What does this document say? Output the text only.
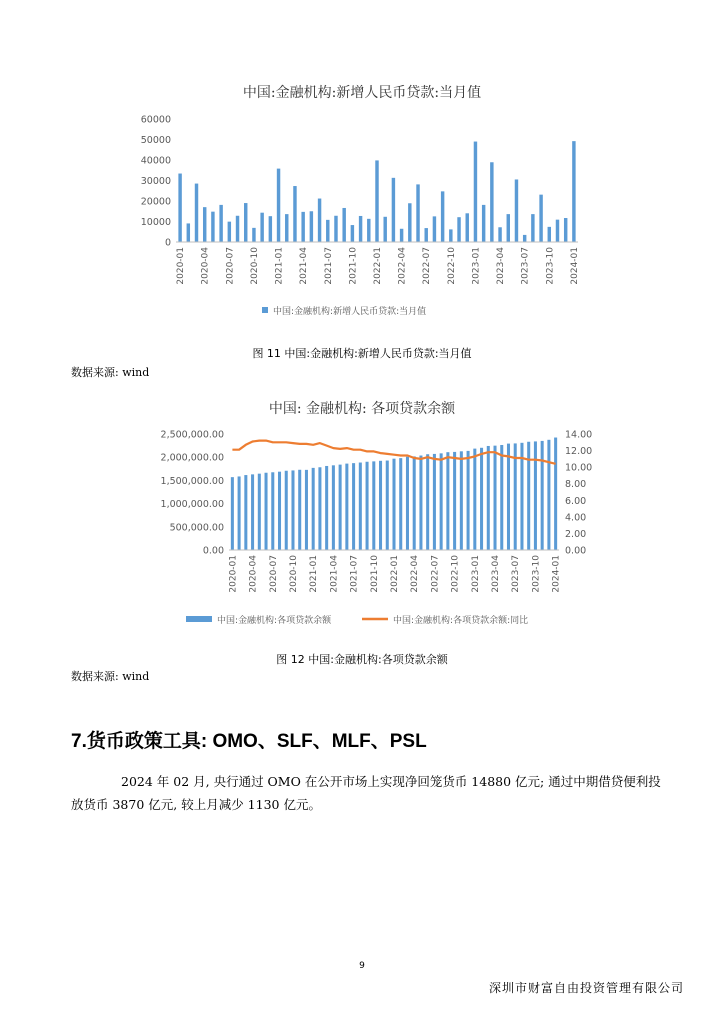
中国:金融机构:新增人民币贷款:当月值
60000
50000
40000
30000
20000
10000
0
2020-01 2020-04 2020-07 2020-10 2021-01 2021-04 2021-07 2021-10 2022-01 2022-04 2022-07 2022-10 2023-01 2023-04 2023-07 2023-10 2024-01
中国:金融机构:新增人民币贷款:当月值
图 11 中国:金融机构:新增人民币贷款:当月值
数据来源: wind
中国: 金融机构: 各项贷款余额
2,500,000.00
2,000,000.00
1,500,000.00
1,000,000.00
500,000.00
0.00
14.00
12.00
10.00
8.00
6.00
4.00
2.00
0.00
2020-01 2020-04 2020-07 2020-10 2021-01 2021-04 2021-07 2021-10 2022-01 2022-04 2022-07 2022-10 2023-01 2023-04 2023-07 2023-10 2024-01
中国:金融机构:各项贷款余额	中国:金融机构:各项贷款余额:同比
图 12 中国:金融机构:各项贷款余额
数据来源: wind
7.货币政策工具: OMO、SLF、MLF、PSL
2024 年 02 月, 央行通过 OMO 在公开市场上实现净回笼货币 14880 亿元; 通过中期借贷便利投放货币 3870 亿元, 较上月减少 1130 亿元。
9
深圳市财富自由投资管理有限公司
